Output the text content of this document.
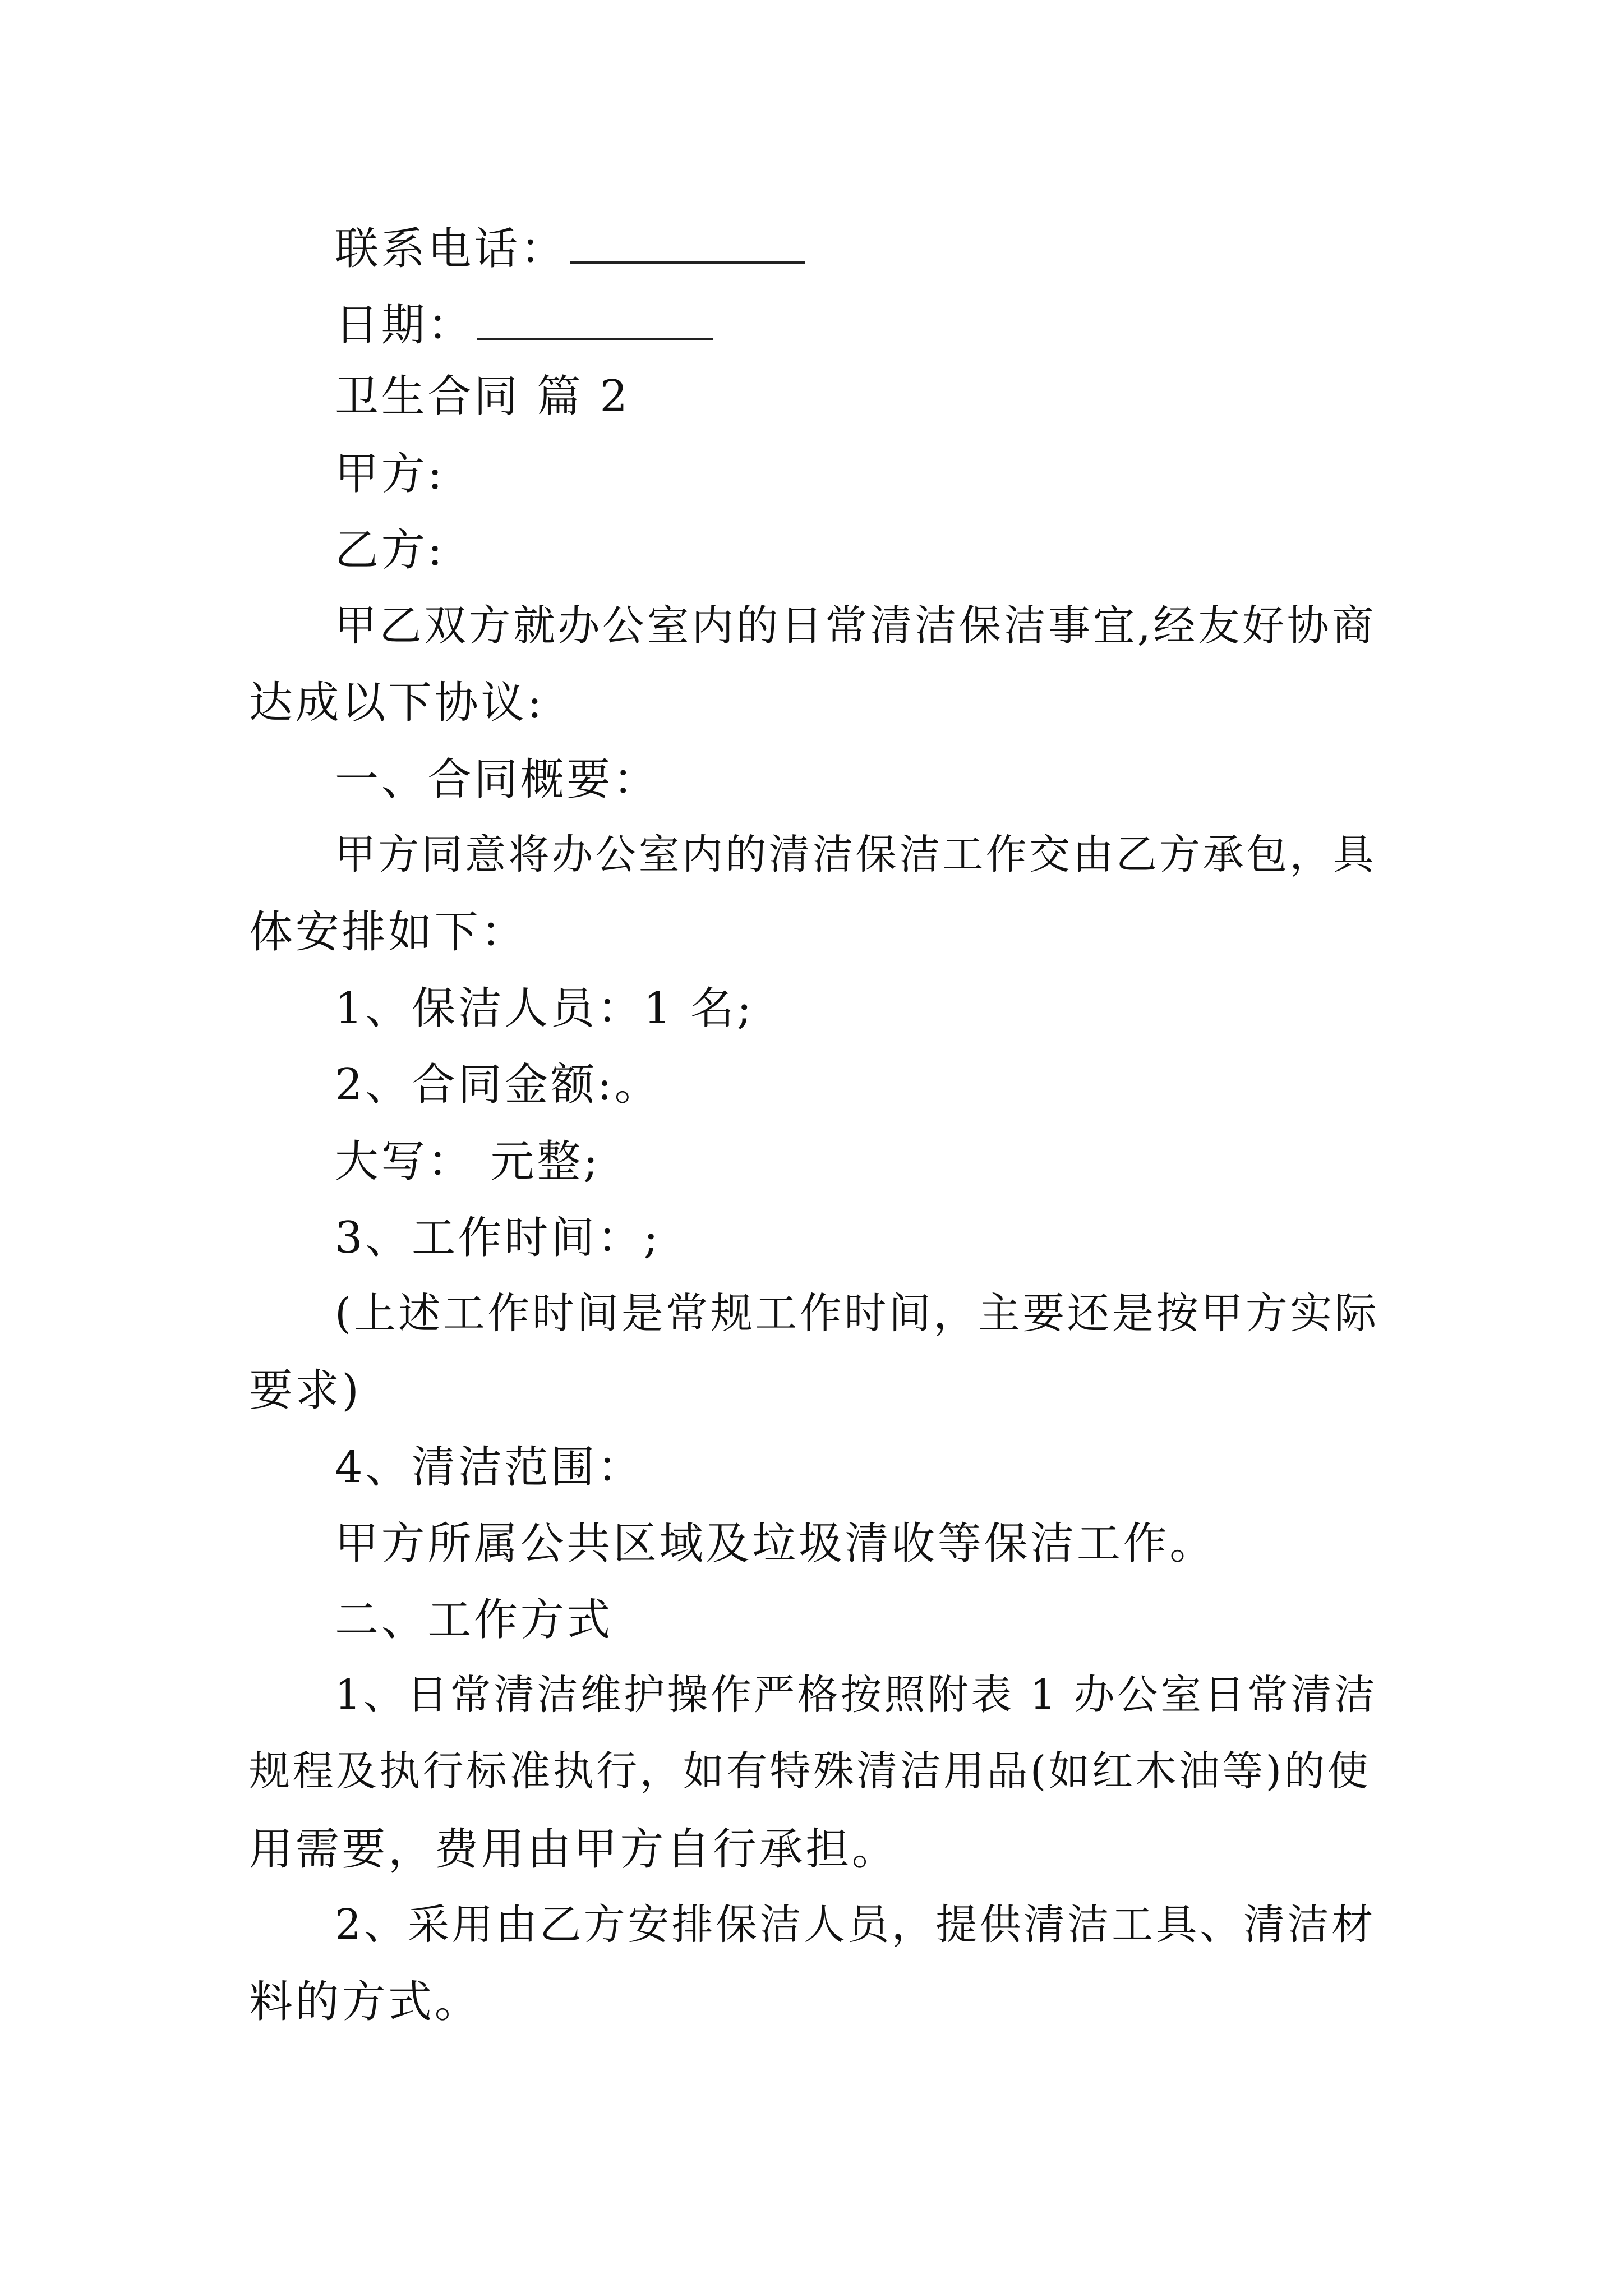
联系电话：
日期：
卫生合同 篇 2
甲方:
乙方:
甲乙双方就办公室内的日常清洁保洁事宜,经友好协商
达成以下协议:
一、合同概要：
甲方同意将办公室内的清洁保洁工作交由乙方承包，具
体安排如下：
1、保洁人员：1 名;
2、合同金额:。
大写： 元整;
3、工作时间：;
(上述工作时间是常规工作时间，主要还是按甲方实际
要求)
4、清洁范围：
甲方所属公共区域及垃圾清收等保洁工作。
二、工作方式
1、日常清洁维护操作严格按照附表 1 办公室日常清洁
规程及执行标准执行，如有特殊清洁用品(如红木油等)的使
用需要，费用由甲方自行承担。
2、采用由乙方安排保洁人员，提供清洁工具、清洁材
料的方式。
